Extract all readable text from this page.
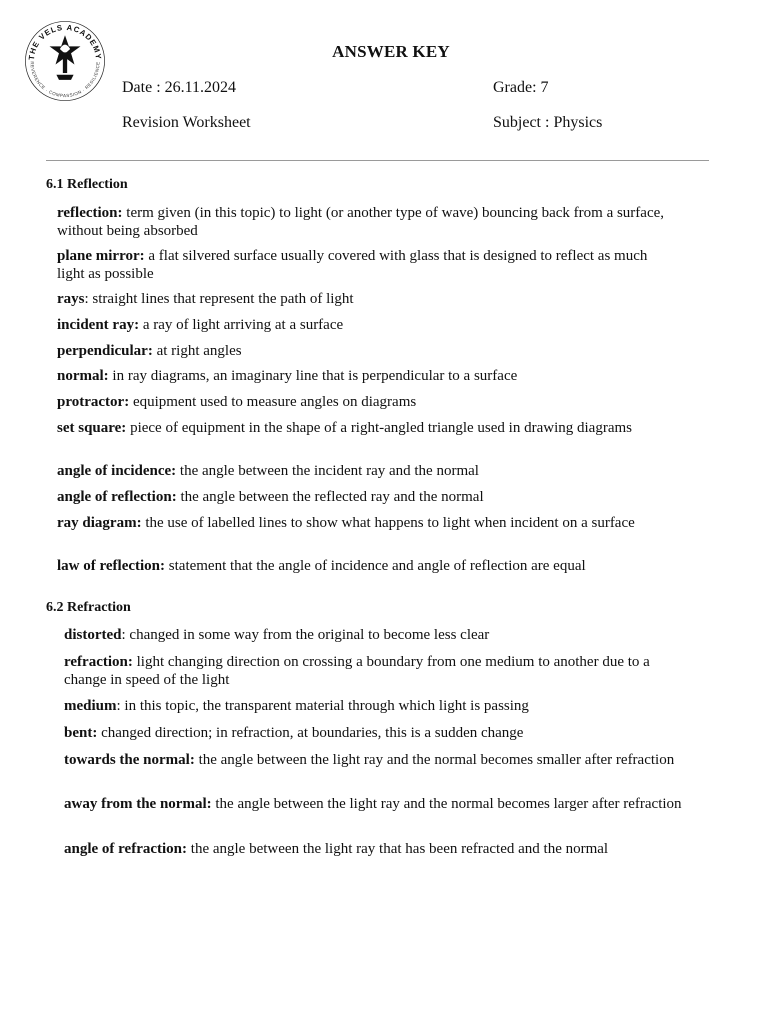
THE VELS ACADEMY
REVERENCE · COMPASSION · RESILIENCE
ANSWER KEY
Date : 26.11.2024	Grade: 7
Revision Worksheet	Subject : Physics
6.1 Reflection
reflection: term given (in this topic) to light (or another type of wave) bouncing back from a surface, without being absorbed
plane mirror: a flat silvered surface usually covered with glass that is designed to reflect as much light as possible
rays: straight lines that represent the path of light
incident ray: a ray of light arriving at a surface
perpendicular: at right angles
normal: in ray diagrams, an imaginary line that is perpendicular to a surface
protractor: equipment used to measure angles on diagrams
set square: piece of equipment in the shape of a right-angled triangle used in drawing diagrams
angle of incidence: the angle between the incident ray and the normal
angle of reflection: the angle between the reflected ray and the normal
ray diagram: the use of labelled lines to show what happens to light when incident on a surface
law of reflection: statement that the angle of incidence and angle of reflection are equal
6.2 Refraction
distorted: changed in some way from the original to become less clear
refraction: light changing direction on crossing a boundary from one medium to another due to a change in speed of the light
medium: in this topic, the transparent material through which light is passing
bent: changed direction; in refraction, at boundaries, this is a sudden change
towards the normal: the angle between the light ray and the normal becomes smaller after refraction
away from the normal: the angle between the light ray and the normal becomes larger after refraction
angle of refraction: the angle between the light ray that has been refracted and the normal
